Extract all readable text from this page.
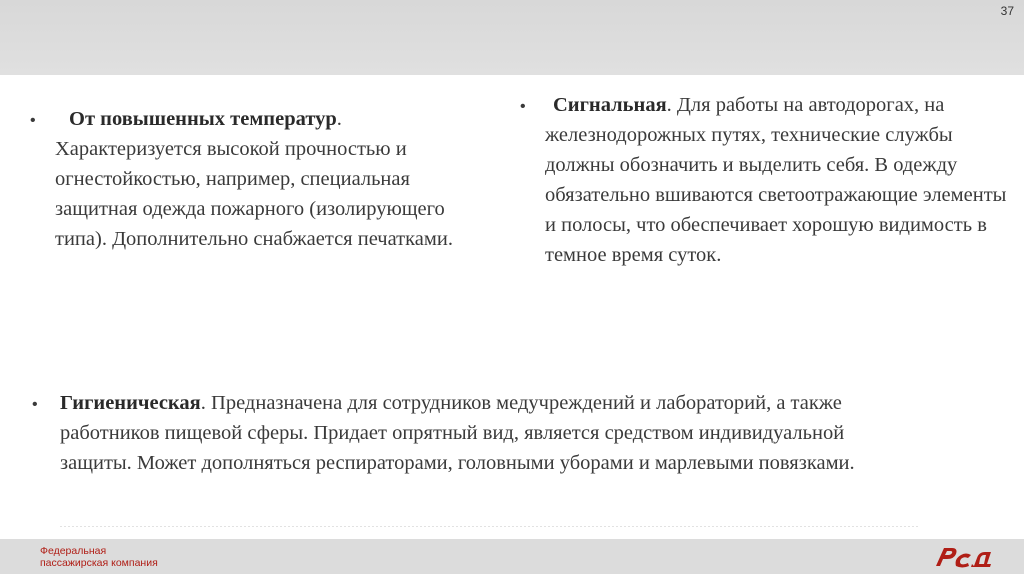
37
•	От повышенных температур. Характеризуется высокой прочностью и огнестойкостью, например, специальная защитная одежда пожарного (изолирующего типа). Дополнительно снабжается печатками.

•	Сигнальная. Для работы на автодорогах, на железнодорожных путях, технические службы должны обозначить и выделить себя. В одежду обязательно вшиваются светоотражающие элементы и полосы, что обеспечивает хорошую видимость в темное время суток.

• Гигиеническая. Предназначена для сотрудников медучреждений и лабораторий, а также работников пищевой сферы. Придает опрятный вид, является средством индивидуальной защиты. Может дополняться респираторами, головными уборами и марлевыми повязками.

Федеральная
пассажирская компания
